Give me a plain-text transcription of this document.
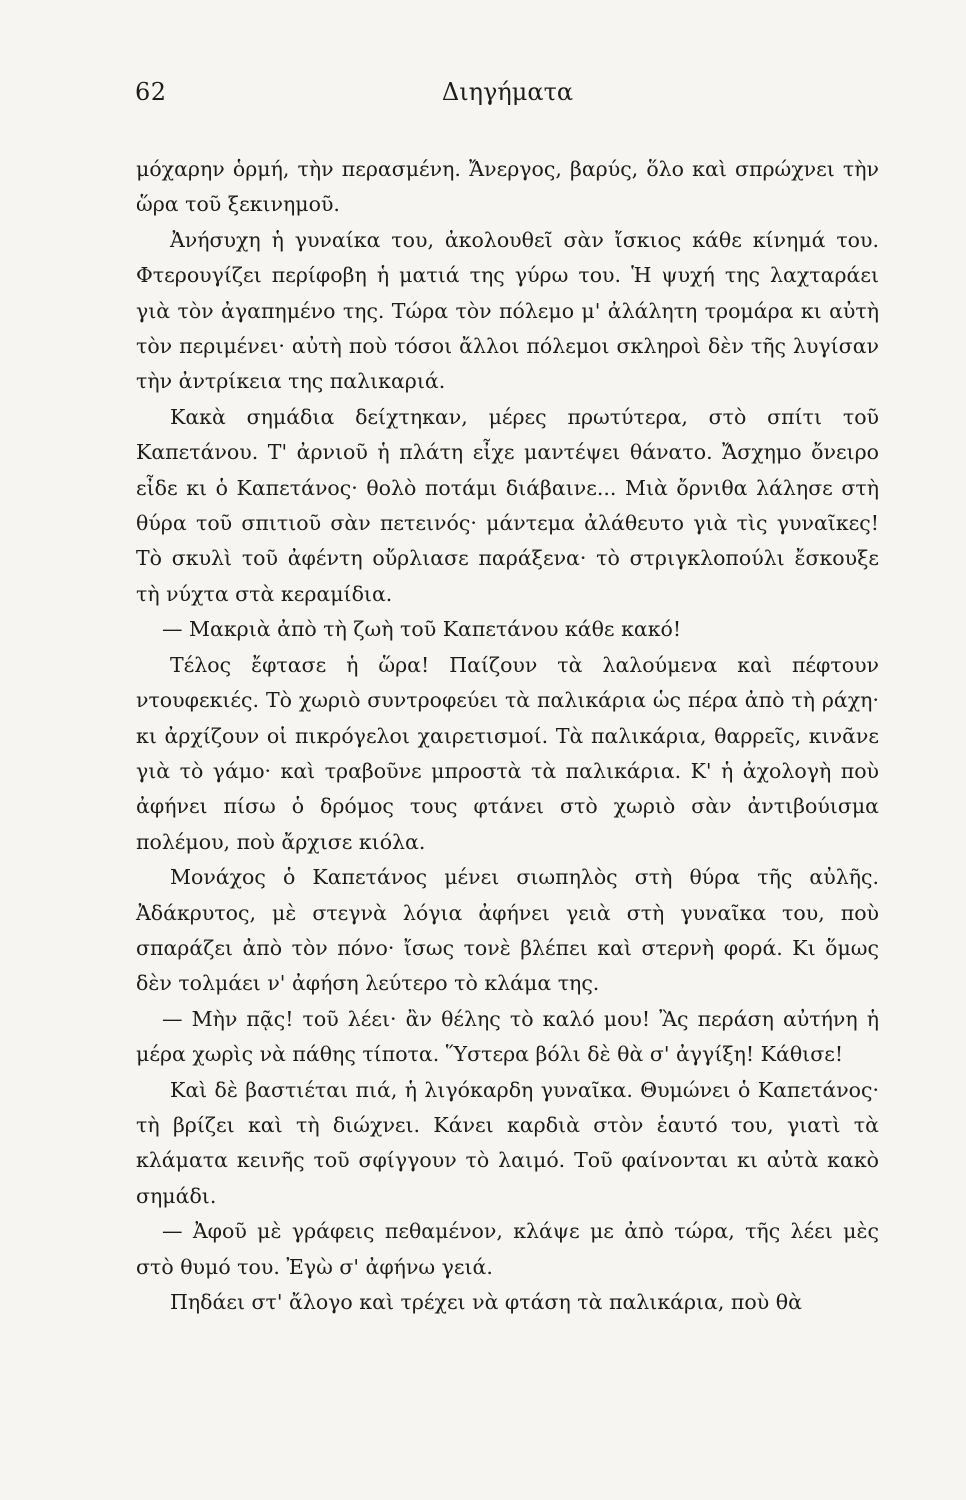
62	Διηγήματα

μόχαρην ὁρμή, τὴν περασμένη. Ἄνεργος, βαρύς, ὅλο καὶ σπρώχνει τὴν ὥρα τοῦ ξεκινημοῦ.

Ἀνήσυχη ἡ γυναίκα του, ἀκολουθεῖ σὰν ἴσκιος κάθε κίνημά του. Φτερουγίζει περίφοβη ἡ ματιά της γύρω του. Ἡ ψυχή της λαχταράει γιὰ τὸν ἀγαπημένο της. Τώρα τὸν πόλεμο μ' ἀλάλητη τρομάρα κι αὐτὴ τὸν περιμένει· αὐτὴ ποὺ τόσοι ἄλλοι πόλεμοι σκληροὶ δὲν τῆς λυγίσαν τὴν ἀντρίκεια της παλικαριά.

Κακὰ σημάδια δείχτηκαν, μέρες πρωτύτερα, στὸ σπίτι τοῦ Καπετάνου. Τ' ἀρνιοῦ ἡ πλάτη εἶχε μαντέψει θάνατο. Ἄσχημο ὄνειρο εἶδε κι ὁ Καπετάνος· θολὸ ποτάμι διάβαινε... Μιὰ ὄρνιθα λάλησε στὴ θύρα τοῦ σπιτιοῦ σὰν πετεινός· μάντεμα ἀλάθευτο γιὰ τὶς γυναῖκες! Τὸ σκυλὶ τοῦ ἀφέντη οὔρλιασε παράξενα· τὸ στριγκλοπούλι ἔσκουξε τὴ νύχτα στὰ κεραμίδια.

— Μακριὰ ἀπὸ τὴ ζωὴ τοῦ Καπετάνου κάθε κακό!

Τέλος ἔφτασε ἡ ὥρα! Παίζουν τὰ λαλούμενα καὶ πέφτουν ντουφεκιές. Τὸ χωριὸ συντροφεύει τὰ παλικάρια ὡς πέρα ἀπὸ τὴ ράχη· κι ἀρχίζουν οἱ πικρόγελοι χαιρετισμοί. Τὰ παλικάρια, θαρρεῖς, κινᾶνε γιὰ τὸ γάμο· καὶ τραβοῦνε μπροστὰ τὰ παλικάρια. Κ' ἡ ἀχολογὴ ποὺ ἀφήνει πίσω ὁ δρόμος τους φτάνει στὸ χωριὸ σὰν ἀντιβούισμα πολέμου, ποὺ ἄρχισε κιόλα.

Μονάχος ὁ Καπετάνος μένει σιωπηλὸς στὴ θύρα τῆς αὐλῆς. Ἀδάκρυτος, μὲ στεγνὰ λόγια ἀφήνει γειὰ στὴ γυναῖκα του, ποὺ σπαράζει ἀπὸ τὸν πόνο· ἴσως τονὲ βλέπει καὶ στερνὴ φορά. Κι ὅμως δὲν τολμάει ν' ἀφήση λεύτερο τὸ κλάμα της.

— Μὴν πᾷς! τοῦ λέει· ἂν θέλης τὸ καλό μου! Ἂς περάση αὐτήνη ἡ μέρα χωρὶς νὰ πάθης τίποτα. Ὕστερα βόλι δὲ θὰ σ' ἀγγίξη! Κάθισε!

Καὶ δὲ βαστιέται πιά, ἡ λιγόκαρδη γυναῖκα. Θυμώνει ὁ Καπετάνος· τὴ βρίζει καὶ τὴ διώχνει. Κάνει καρδιὰ στὸν ἑαυτό του, γιατὶ τὰ κλάματα κεινῆς τοῦ σφίγγουν τὸ λαιμό. Τοῦ φαίνονται κι αὐτὰ κακὸ σημάδι.

— Ἀφοῦ μὲ γράφεις πεθαμένον, κλάψε με ἀπὸ τώρα, τῆς λέει μὲς στὸ θυμό του. Ἐγὼ σ' ἀφήνω γειά.

Πηδάει στ' ἄλογο καὶ τρέχει νὰ φτάση τὰ παλικάρια, ποὺ θὰ
